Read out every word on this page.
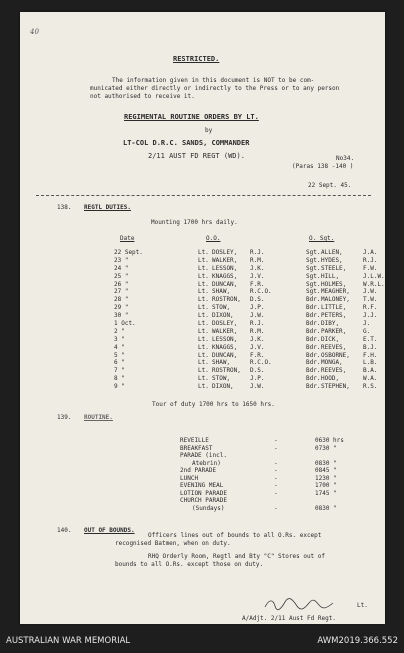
40
RESTRICTED.
The information given in this document is NOT to be com-
municated either directly or indirectly to the Press or to any person
not authorised to receive it.
REGIMENTAL ROUTINE ORDERS BY LT.
by
LT-COL D.R.C. SANDS, COMMANDER
2/11 AUST FD REGT (WD).	No34.
(Paras 138 -140 )
22 Sept. 45.
138. REGTL DUTIES.
Mounting 1700 hrs daily.
Date	O.O.	O. Sgt.
22 Sept.	Lt. DOSLEY, R.J.	Sgt. ALLEN,	J.A.
23 "	Lt. WALKER, R.M.	Sgt. HYDES,	R.J.
24 "	Lt. LESSON, J.K.	Sgt. STEELE,	F.W.
25 "	Lt. KNAGGS, J.V.	Sgt. HILL,	J.L.W.
26 "	Lt. DUNCAN, F.R.	Sgt. HOLMES,	W.R.L.
27 "	Lt. SHAW,	R.C.O.	Sgt. MEAGHER, J.W.
28 "	Lt. ROSTRON, D.S.	Bdr. MALONEY, T.W.
29 "	Lt. STOW,	J.P.	Bdr. LITTLE,	R.F.
30 "	Lt. DIXON,	J.W.	Bdr. PETERS,	J.J.
1 Oct.	Lt. DOSLEY, R.J.	Bdr. DIBY,	J.
2 "	Lt. WALKER, R.M.	Bdr. PARKER,	G.
3 "	Lt. LESSON, J.K.	Bdr. DICK,	E.T.
4 "	Lt. KNAGGS, J.V.	Bdr. REEVES,	B.J.
5 "	Lt. DUNCAN, F.R.	Bdr. OSBORNE, F.H.
6 "	Lt. SHAW,	R.C.O.	Bdr. MONGA,	L.B.
7 "	Lt. ROSTRON, D.S.	Bdr. REEVES,	B.A.
8 "	Lt. STOW,	J.P.	Bdr. HOOD,	W.A.
9 "	Lt. DIXON,	J.W.	Bdr. STEPHEN, R.S.
Tour of duty 1700 hrs to 1650 hrs.
139. ROUTINE.
REVEILLE	-	0630 hrs
BREAKFAST	-	0730 "
PARADE (incl.
Atebrin)	-	0830 "
2nd PARADE	-	0845 "
LUNCH	-	1230 "
EVENING MEAL	-	1700 "
LOTION PARADE	-	1745 "
CHURCH PARADE
(Sundays)	-	0830 "
140. OUT OF BOUNDS.
Officers lines out of bounds to all O.Rs. except
recognised Batmen, when on duty.
RHQ Orderly Room, Regtl and Bty "C" Stores out of
bounds to all O.Rs. except those on duty.
Lt.
A/Adjt. 2/11 Aust Fd Regt.
AUSTRALIAN WAR MEMORIAL	AWM2019.366.552
